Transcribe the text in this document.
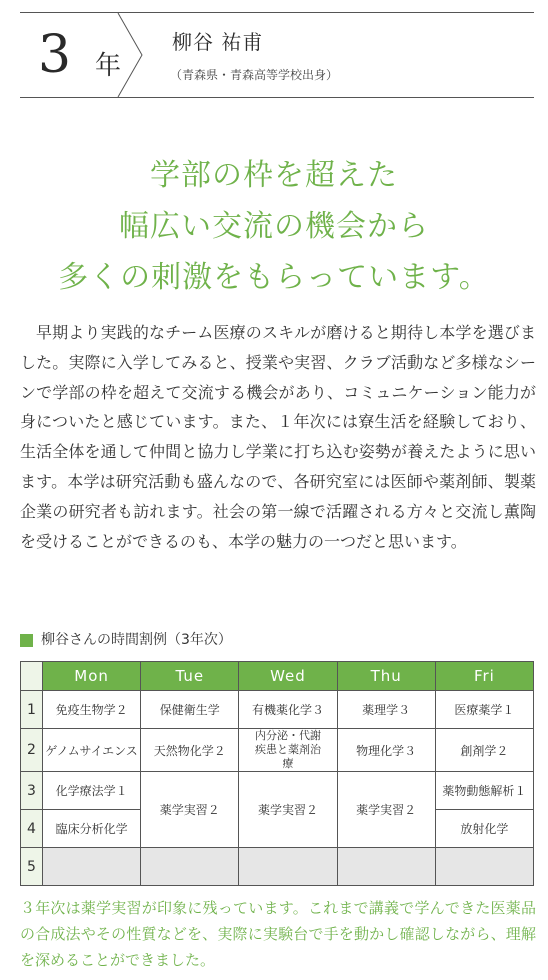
3 年
柳谷 祐甫
（青森県・青森高等学校出身）
学部の枠を超えた
幅広い交流の機会から
多くの刺激をもらっています。

早期より実践的なチーム医療のスキルが磨けると期待し本学を選びました。実際に入学してみると、授業や実習、クラブ活動など多様なシーンで学部の枠を超えて交流する機会があり、コミュニケーション能力が身についたと感じています。また、１年次には寮生活を経験しており、生活全体を通して仲間と協力し学業に打ち込む姿勢が養えたように思います。本学は研究活動も盛んなので、各研究室には医師や薬剤師、製薬企業の研究者も訪れます。社会の第一線で活躍される方々と交流し薫陶を受けることができるのも、本学の魅力の一つだと思います。

柳谷さんの時間割例（3年次）
	Mon	Tue	Wed	Thu	Fri
1	免疫生物学２	保健衛生学	有機薬化学３	薬理学３	医療薬学１
2	ゲノムサイエンス	天然物化学２	内分泌・代謝疾患と薬剤治療	物理化学３	創剤学２
3	化学療法学１	薬学実習２	薬学実習２	薬学実習２	薬物動態解析１
4	臨床分析化学				放射化学
5					
３年次は薬学実習が印象に残っています。これまで講義で学んできた医薬品の合成法やその性質などを、実際に実験台で手を動かし確認しながら、理解を深めることができました。
